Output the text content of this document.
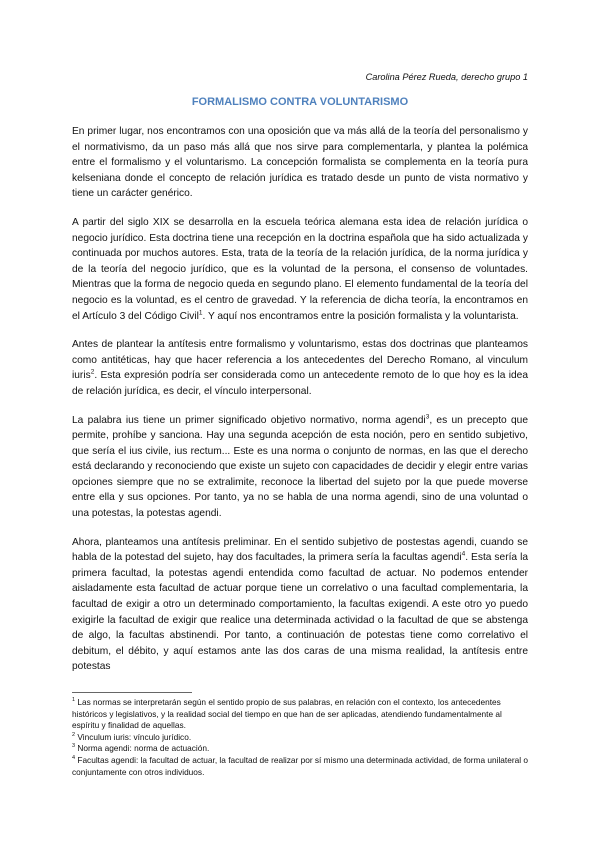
Carolina Pérez Rueda, derecho grupo 1
FORMALISMO CONTRA VOLUNTARISMO

En primer lugar, nos encontramos con una oposición que va más allá de la teoría del personalismo y el normativismo, da un paso más allá que nos sirve para complementarla, y plantea la polémica entre el formalismo y el voluntarismo. La concepción formalista se complementa en la teoría pura kelseniana donde el concepto de relación jurídica es tratado desde un punto de vista normativo y tiene un carácter genérico.

A partir del siglo XIX se desarrolla en la escuela teórica alemana esta idea de relación jurídica o negocio jurídico. Esta doctrina tiene una recepción en la doctrina española que ha sido actualizada y continuada por muchos autores. Esta, trata de la teoría de la relación jurídica, de la norma jurídica y de la teoría del negocio jurídico, que es la voluntad de la persona, el consenso de voluntades. Mientras que la forma de negocio queda en segundo plano. El elemento fundamental de la teoría del negocio es la voluntad, es el centro de gravedad. Y la referencia de dicha teoría, la encontramos en el Artículo 3 del Código Civil$^1$. Y aquí nos encontramos entre la posición formalista y la voluntarista.

Antes de plantear la antítesis entre formalismo y voluntarismo, estas dos doctrinas que planteamos como antitéticas, hay que hacer referencia a los antecedentes del Derecho Romano, al vinculum iuris$^2$. Esta expresión podría ser considerada como un antecedente remoto de lo que hoy es la idea de relación jurídica, es decir, el vínculo interpersonal.

La palabra ius tiene un primer significado objetivo normativo, norma agendi$^3$, es un precepto que permite, prohíbe y sanciona. Hay una segunda acepción de esta noción, pero en sentido subjetivo, que sería el ius civile, ius rectum... Este es una norma o conjunto de normas, en las que el derecho está declarando y reconociendo que existe un sujeto con capacidades de decidir y elegir entre varias opciones siempre que no se extralimite, reconoce la libertad del sujeto por la que puede moverse entre ella y sus opciones. Por tanto, ya no se habla de una norma agendi, sino de una voluntad o una potestas, la potestas agendi.

Ahora, planteamos una antítesis preliminar. En el sentido subjetivo de postestas agendi, cuando se habla de la potestad del sujeto, hay dos facultades, la primera sería la facultas agendi$^4$. Esta sería la primera facultad, la potestas agendi entendida como facultad de actuar. No podemos entender aisladamente esta facultad de actuar porque tiene un correlativo o una facultad complementaria, la facultad de exigir a otro un determinado comportamiento, la facultas exigendi. A este otro yo puedo exigirle la facultad de exigir que realice una determinada actividad o la facultad de que se abstenga de algo, la facultas abstinendi. Por tanto, a continuación de potestas tiene como correlativo el debitum, el débito, y aquí estamos ante las dos caras de una misma realidad, la antítesis entre potestas

$^1$ Las normas se interpretarán según el sentido propio de sus palabras, en relación con el contexto, los antecedentes históricos y legislativos, y la realidad social del tiempo en que han de ser aplicadas, atendiendo fundamentalmente al espíritu y finalidad de aquellas.

$^2$ Vinculum iuris: vínculo jurídico.

$^3$ Norma agendi: norma de actuación.

$^4$ Facultas agendi: la facultad de actuar, la facultad de realizar por sí mismo una determinada actividad, de forma unilateral o conjuntamente con otros individuos.
